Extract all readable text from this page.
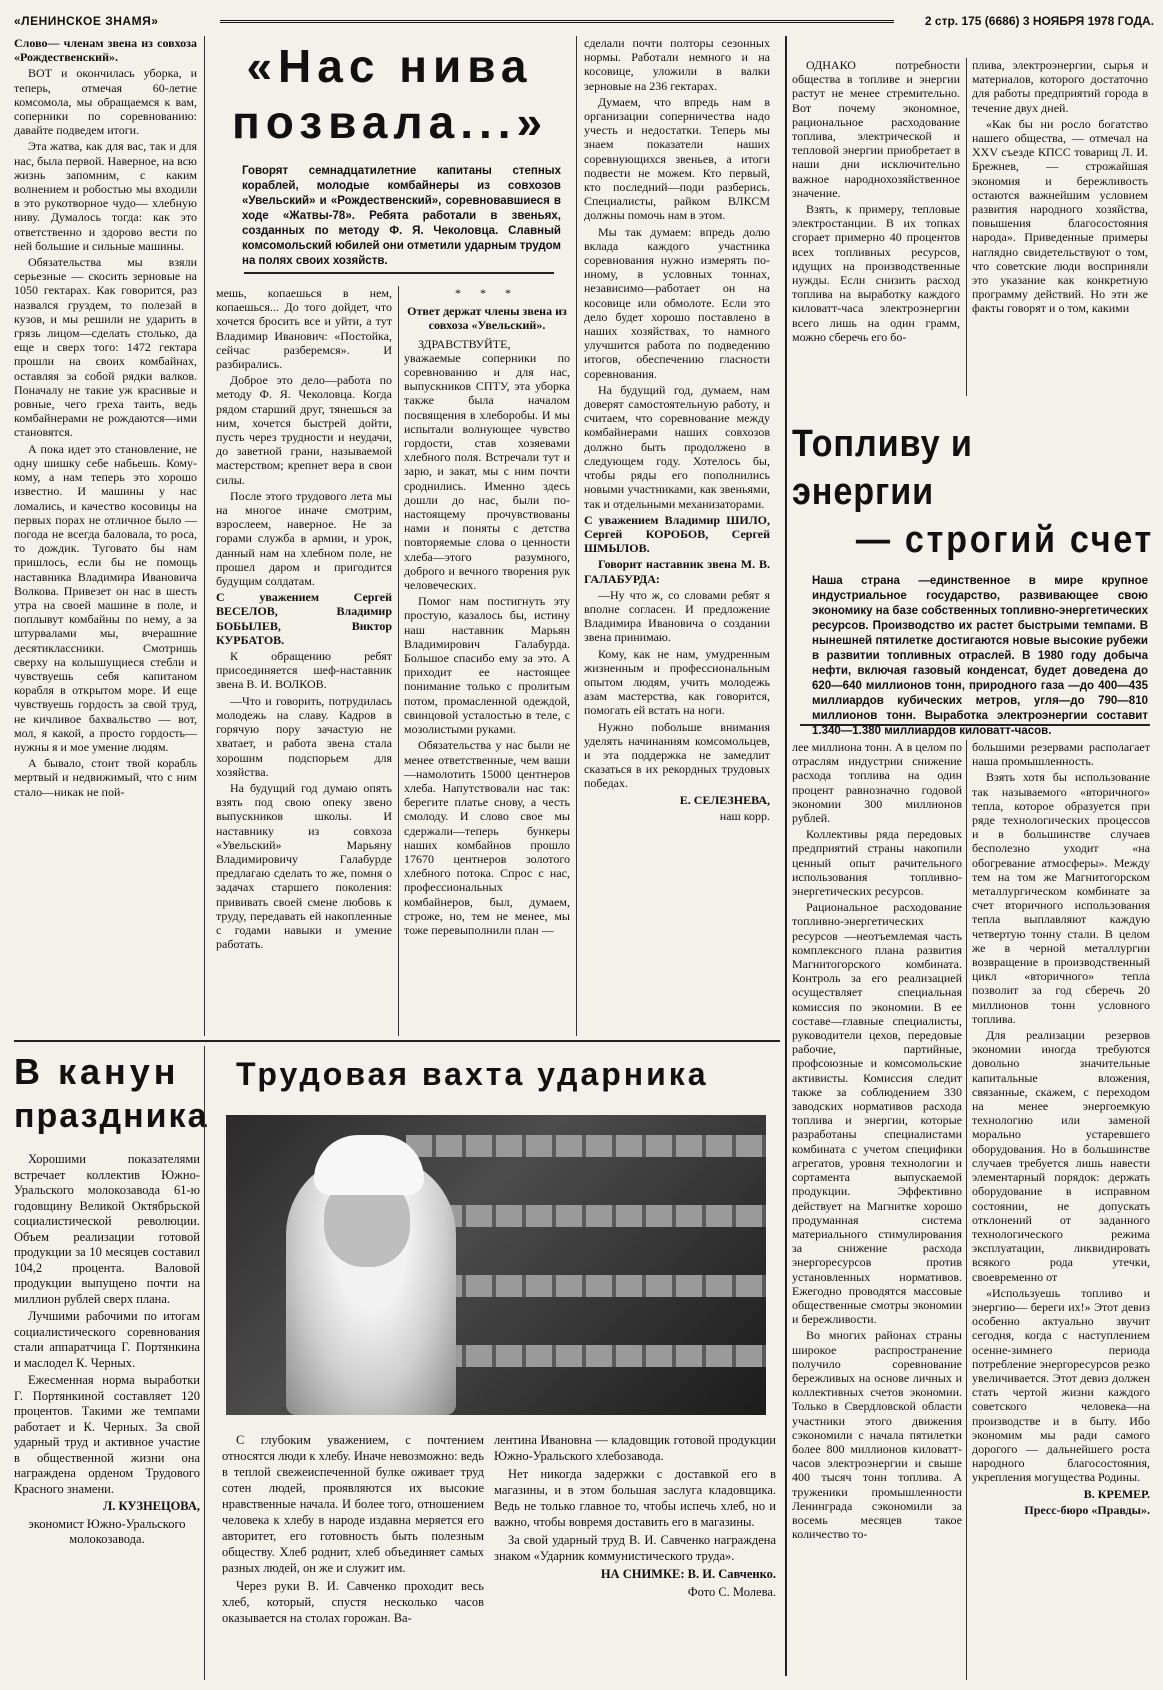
«ЛЕНИНСКОЕ ЗНАМЯ»	2 стр. 175 (6686) 3 НОЯБРЯ 1978 ГОДА.

Слово— членам звена из совхоза «Рождественский».

ВОТ и окончилась уборка, и теперь, отмечая 60-летие комсомола, мы обращаемся к вам, соперники по соревнованию: давайте подведем итоги.

Эта жатва, как для вас, так и для нас, была первой. Наверное, на всю жизнь запомним, с каким волнением и робостью мы входили в это рукотворное чудо— хлебную ниву. Думалось тогда: как это ответственно и здорово вести по ней большие и сильные машины.

Обязательства мы взяли серьезные — скосить зерновые на 1050 гектарах. Как говорится, раз назвался груздем, то полезай в кузов, и мы решили не ударить в грязь лицом—сделать столько, да еще и сверх того: 1472 гектара прошли на своих комбайнах, оставляя за собой рядки валков. Поначалу не такие уж красивые и ровные, чего греха таить, ведь комбайнерами не рождаются—ими становятся.

А пока идет это становление, не одну шишку себе набьешь. Кому-кому, а нам теперь это хорошо известно. И машины у нас ломались, и качество косовицы на первых порах не отличное было — погода не всегда баловала, то роса, то дождик. Туговато бы нам пришлось, если бы не помощь наставника Владимира Ивановича Волкова. Привезет он нас в шесть утра на своей машине в поле, и поплывут комбайны по нему, а за штурвалами мы, вчерашние десятиклассники. Смотришь сверху на колышущиеся стебли и чувствуешь себя капитаном корабля в открытом море. И еще чувствуешь гордость за свой труд, не кичливое бахвальство — вот, мол, я какой, а просто гордость— нужны я и мое умение людям.

А бывало, стоит твой корабль мертвый и недвижимый, что с ним стало—никак не пой-

«Нас нива
позвала...»

Говорят семнадцатилетние капитаны степных кораблей, молодые комбайнеры из совхозов «Увельский» и «Рождественский», соревновавшиеся в ходе «Жатвы-78». Ребята работали в звеньях, созданных по методу Ф. Я. Чеколовца. Славный комсомольский юбилей они отметили ударным трудом на полях своих хозяйств.

мешь, копаешься в нем, копаешься... До того дойдет, что хочется бросить все и уйти, а тут Владимир Иванович: «Постойка, сейчас разберемся». И разбирались.

Доброе это дело—работа по методу Ф. Я. Чеколовца. Когда рядом старший друг, тянешься за ним, хочется быстрей дойти, пусть через трудности и неудачи, до заветной грани, называемой мастерством; крепнет вера в свои силы.

После этого трудового лета мы на многое иначе смотрим, взрослеем, наверное. Не за горами служба в армии, и урок, данный нам на хлебном поле, не прошел даром и пригодится будущим солдатам.

С уважением Сергей ВЕСЕЛОВ, Владимир БОБЫЛЕВ, Виктор КУРБАТОВ.

К обращению ребят присоединяется шеф-наставник звена В. И. ВОЛКОВ.

—Что и говорить, потрудилась молодежь на славу. Кадров в горячую пору зачастую не хватает, и работа звена стала хорошим подспорьем для хозяйства.

На будущий год думаю опять взять под свою опеку звено выпускников школы. И наставнику из совхоза «Увельский» Марьяну Владимировичу Галабурде предлагаю сделать то же, помня о задачах старшего поколения: прививать своей смене любовь к труду, передавать ей накопленные с годами навыки и умение работать.

* * *

Ответ держат члены звена из совхоза «Увельский».

ЗДРАВСТВУЙТЕ, уважаемые соперники по соревнованию и для нас, выпускников СПТУ, эта уборка также была началом посвящения в хлеборобы. И мы испытали волнующее чувство гордости, став хозяевами хлебного поля. Встречали тут и зарю, и закат, мы с ним почти сроднились. Именно здесь дошли до нас, были по-настоящему прочувствованы нами и поняты с детства повторяемые слова о ценности хлеба—этого разумного, доброго и вечного творения рук человеческих.

Помог нам постигнуть эту простую, казалось бы, истину наш наставник Марьян Владимирович Галабурда. Большое спасибо ему за это. А приходит ее настоящее понимание только с пролитым потом, промасленной одеждой, свинцовой усталостью в теле, с мозолистыми руками.

Обязательства у нас были не менее ответственные, чем ваши—намолотить 15000 центнеров хлеба. Напутствовали нас так: берегите платье снову, а честь смолоду. И слово свое мы сдержали—теперь бункеры наших комбайнов прошло 17670 центнеров золотого хлебного потока. Спрос с нас, профессиональных комбайнеров, был, думаем, строже, но, тем не менее, мы тоже перевыполнили план —

сделали почти полторы сезонных нормы. Работали немного и на косовице, уложили в валки зерновые на 236 гектарах.

Думаем, что впредь нам в организации соперничества надо учесть и недостатки. Теперь мы знаем показатели наших соревнующихся звеньев, а итоги подвести не можем. Кто первый, кто последний—поди разберись. Специалисты, райком ВЛКСМ должны помочь нам в этом.

Мы так думаем: впредь долю вклада каждого участника соревнования нужно измерять по-иному, в условных тоннах, независимо—работает он на косовице или обмолоте. Если это дело будет хорошо поставлено в наших хозяйствах, то намного улучшится работа по подведению итогов, обеспечению гласности соревнования.

На будущий год, думаем, нам доверят самостоятельную работу, и считаем, что соревнование между комбайнерами наших совхозов должно быть продолжено в следующем году. Хотелось бы, чтобы ряды его пополнились новыми участниками, как звеньями, так и отдельными механизаторами.

С уважением Владимир ШИЛО, Сергей КОРОБОВ, Сергей ШМЫЛОВ.

Говорит наставник звена М. В. ГАЛАБУРДА:

—Ну что ж, со словами ребят я вполне согласен. И предложение Владимира Ивановича о создании звена принимаю.

Кому, как не нам, умудренным жизненным и профессиональным опытом людям, учить молодежь азам мастерства, как говорится, помогать ей встать на ноги.

Нужно побольше внимания уделять начинаниям комсомольцев, и эта поддержка не замедлит сказаться в их рекордных трудовых победах.

Е. СЕЛЕЗНЕВА,

наш корр.

В канун
праздника

Хорошими показателями встречает коллектив Южно-Уральского молокозавода 61-ю годовщину Великой Октябрьской социалистической революции. Объем реализации готовой продукции за 10 месяцев составил 104,2 процента. Валовой продукции выпущено почти на миллион рублей сверх плана.

Лучшими рабочими по итогам социалистического соревнования стали аппаратчица Г. Портянкина и маслодел К. Черных.

Ежесменная норма выработки Г. Портянкиной составляет 120 процентов. Такими же темпами работает и К. Черных. За свой ударный труд и активное участие в общественной жизни она награждена орденом Трудового Красного знамени.

Л. КУЗНЕЦОВА,

экономист Южно-Уральского молокозавода.

Трудовая вахта ударника

С глубоким уважением, с почтением относятся люди к хлебу. Иначе невозможно: ведь в теплой свежеиспеченной булке оживает труд сотен людей, проявляются их высокие нравственные начала. И более того, отношением человека к хлебу в народе издавна меряется его авторитет, его готовность быть полезным обществу. Хлеб роднит, хлеб объединяет самых разных людей, он же и служит им.

Через руки В. И. Савченко проходит весь хлеб, который, спустя несколько часов оказывается на столах горожан. Ва-

лентина Ивановна — кладовщик готовой продукции Южно-Уральского хлебозавода.

Нет никогда задержки с доставкой его в магазины, и в этом большая заслуга кладовщика. Ведь не только главное то, чтобы испечь хлеб, но и важно, чтобы вовремя доставить его в магазины.

За свой ударный труд В. И. Савченко награждена знаком «Ударник коммунистического труда».

НА СНИМКЕ: В. И. Савченко.

Фото С. Молева.

ОДНАКО потребности общества в топливе и энергии растут не менее стремительно. Вот почему экономное, рациональное расходование топлива, электрической и тепловой энергии приобретает в наши дни исключительно важное народнохозяйственное значение.

Взять, к примеру, тепловые электростанции. В их топках сгорает примерно 40 процентов всех топливных ресурсов, идущих на производственные нужды. Если снизить расход топлива на выработку каждого киловатт-часа электроэнергии всего лишь на один грамм, можно сберечь его бо-

плива, электроэнергии, сырья и материалов, которого достаточно для работы предприятий города в течение двух дней.

«Как бы ни росло богатство нашего общества, — отмечал на XXV съезде КПСС товарищ Л. И. Брежнев, — строжайшая экономия и бережливость остаются важнейшим условием развития народного хозяйства, повышения благосостояния народа». Приведенные примеры наглядно свидетельствуют о том, что советские люди восприняли это указание как конкретную программу действий. Но эти же факты говорят и о том, какими

Топливу и энергии
— строгий счет

Наша страна —единственное в мире крупное индустриальное государство, развивающее свою экономику на базе собственных топливно-энергетических ресурсов. Производство их растет быстрыми темпами. В нынешней пятилетке достигаются новые высокие рубежи в развитии топливных отраслей. В 1980 году добыча нефти, включая газовый конденсат, будет доведена до 620—640 миллионов тонн, природного газа —до 400—435 миллиардов кубических метров, угля—до 790—810 миллионов тонн. Выработка электроэнергии составит 1.340—1.380 миллиардов киловатт-часов.

лее миллиона тонн. А в целом по отраслям индустрии снижение расхода топлива на один процент равнозначно годовой экономии 300 миллионов рублей.

Коллективы ряда передовых предприятий страны накопили ценный опыт рачительного использования топливно-энергетических ресурсов.

Рациональное расходование топливно-энергетических ресурсов —неотъемлемая часть комплексного плана развития Магнитогорского комбината. Контроль за его реализацией осуществляет специальная комиссия по экономии. В ее составе—главные специалисты, руководители цехов, передовые рабочие, партийные, профсоюзные и комсомольские активисты. Комиссия следит также за соблюдением 330 заводских нормативов расхода топлива и энергии, которые разработаны специалистами комбината с учетом специфики агрегатов, уровня технологии и сортамента выпускаемой продукции. Эффективно действует на Магнитке хорошо продуманная система материального стимулирования за снижение расхода энергоресурсов против установленных нормативов. Ежегодно проводятся массовые общественные смотры экономии и бережливости.

Во многих районах страны широкое распространение получило соревнование бережливых на основе личных и коллективных счетов экономии. Только в Свердловской области участники этого движения сэкономили с начала пятилетки более 800 миллионов киловатт-часов электроэнергии и свыше 400 тысяч тонн топлива. А труженики промышленности Ленинграда сэкономили за восемь месяцев такое количество то-

большими резервами располагает наша промышленность.

Взять хотя бы использование так называемого «вторичного» тепла, которое образуется при ряде технологических процессов и в большинстве случаев бесполезно уходит «на обогревание атмосферы». Между тем на том же Магнитогорском металлургическом комбинате за счет вторичного использования тепла выплавляют каждую четвертую тонну стали. В целом же в черной металлургии возвращение в производственный цикл «вторичного» тепла позволит за год сберечь 20 миллионов тонн условного топлива.

Для реализации резервов экономии иногда требуются довольно значительные капитальные вложения, связанные, скажем, с переходом на менее энергоемкую технологию или заменой морально устаревшего оборудования. Но в большинстве случаев требуется лишь навести элементарный порядок: держать оборудование в исправном состоянии, не допускать отклонений от заданного технологического режима эксплуатации, ликвидировать всякого рода утечки, своевременно от

«Используешь топливо и энергию— береги их!» Этот девиз особенно актуально звучит сегодня, когда с наступлением осенне-зимнего периода потребление энергоресурсов резко увеличивается. Этот девиз должен стать чертой жизни каждого советского человека—на производстве и в быту. Ибо экономим мы ради самого дорогого — дальнейшего роста народного благосостояния, укрепления могущества Родины.

В. КРЕМЕР.

Пресс-бюро «Правды».
